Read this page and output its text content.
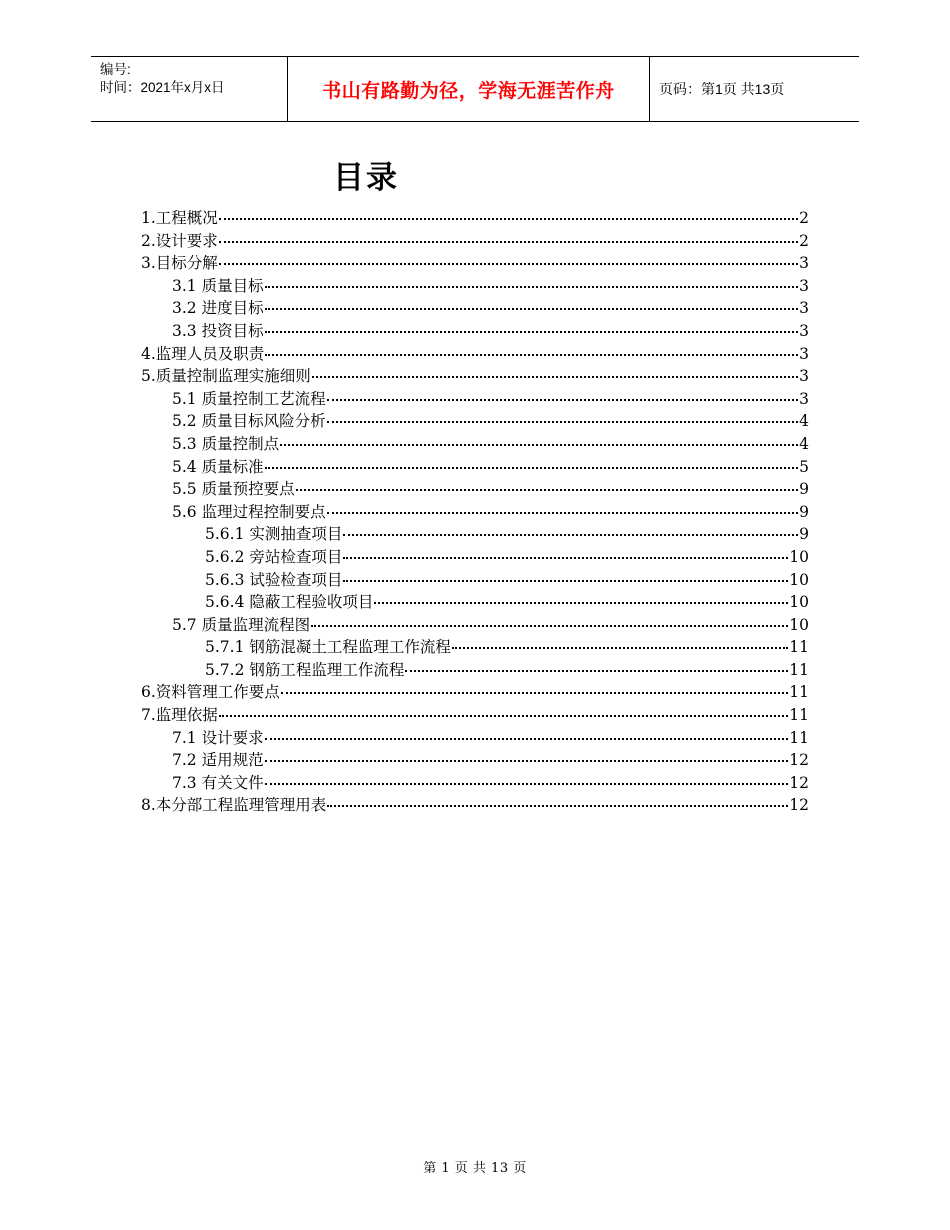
编号:
时间：2021年x月x日	书山有路勤为径，学海无涯苦作舟	页码：第1页 共13页
目录
1.工程概况	2
2.设计要求	2
3.目标分解	3
3.1 质量目标	3
3.2 进度目标	3
3.3 投资目标	3
4.监理人员及职责	3
5.质量控制监理实施细则	3
5.1 质量控制工艺流程	3
5.2 质量目标风险分析	4
5.3 质量控制点	4
5.4 质量标准	5
5.5 质量预控要点	9
5.6 监理过程控制要点	9
5.6.1 实测抽查项目	9
5.6.2 旁站检查项目	10
5.6.3 试验检查项目	10
5.6.4 隐蔽工程验收项目	10
5.7 质量监理流程图	10
5.7.1 钢筋混凝土工程监理工作流程	11
5.7.2 钢筋工程监理工作流程	11
6.资料管理工作要点	11
7.监理依据	11
7.1 设计要求	11
7.2 适用规范	12
7.3 有关文件	12
8.本分部工程监理管理用表	12
第 1 页 共 13 页
